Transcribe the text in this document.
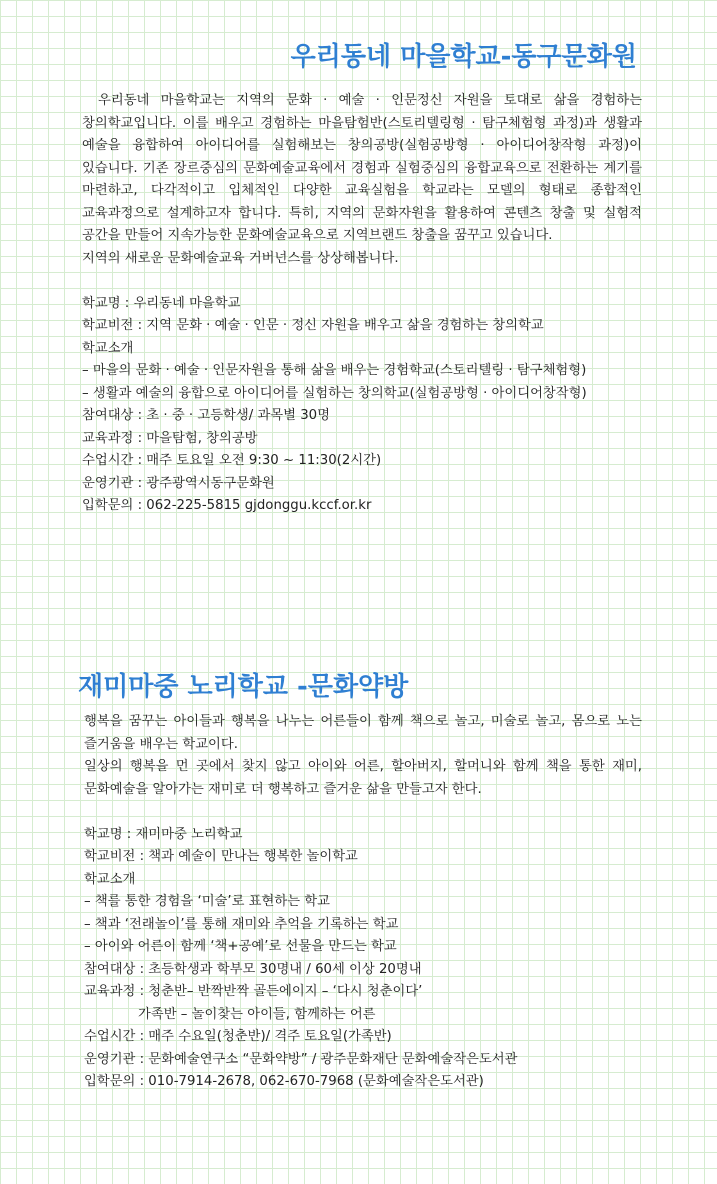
우리동네 마을학교-동구문화원

우리동네 마을학교는 지역의 문화 · 예술 · 인문정신 자원을 토대로 삶을 경험하는 창의학교입니다. 이를 배우고 경험하는 마을탐험반(스토리텔링형 · 탐구체험형 과정)과 생활과 예술을 융합하여 아이디어를 실험해보는 창의공방(실험공방형 · 아이디어창작형 과정)이 있습니다. 기존 장르중심의 문화예술교육에서 경험과 실험중심의 융합교육으로 전환하는 계기를 마련하고, 다각적이고 입체적인 다양한 교육실험을 학교라는 모델의 형태로 종합적인 교육과정으로 설계하고자 합니다. 특히, 지역의 문화자원을 활용하여 콘텐츠 창출 및 실험적 공간을 만들어 지속가능한 문화예술교육으로 지역브랜드 창출을 꿈꾸고 있습니다.

지역의 새로운 문화예술교육 거버넌스를 상상해봅니다.

학교명 : 우리동네 마을학교

학교비전 : 지역 문화 · 예술 · 인문 · 정신 자원을 배우고 삶을 경험하는 창의학교

학교소개

– 마을의 문화 · 예술 · 인문자원을 통해 삶을 배우는 경험학교(스토리텔링 · 탐구체험형)

– 생활과 예술의 융합으로 아이디어를 실험하는 창의학교(실험공방형 · 아이디어창작형)

참여대상 : 초 · 중 · 고등학생/ 과목별 30명

교육과정 : 마을탐험, 창의공방

수업시간 : 매주 토요일 오전 9:30 ~ 11:30(2시간)

운영기관 : 광주광역시동구문화원

입학문의 : 062-225-5815 gjdonggu.kccf.or.kr

재미마중 노리학교 -문화약방

행복을 꿈꾸는 아이들과 행복을 나누는 어른들이 함께 책으로 놀고, 미술로 놀고, 몸으로 노는 즐거움을 배우는 학교이다.

일상의 행복을 먼 곳에서 찾지 않고 아이와 어른, 할아버지, 할머니와 함께 책을 통한 재미, 문화예술을 알아가는 재미로 더 행복하고 즐거운 삶을 만들고자 한다.

학교명 : 재미마중 노리학교

학교비전 : 책과 예술이 만나는 행복한 놀이학교

학교소개

– 책를 통한 경험을 ‘미술’로 표현하는 학교

– 책과 ‘전래놀이’를 통해 재미와 추억을 기록하는 학교

– 아이와 어른이 함께 ‘책+공예’로 선물을 만드는 학교

참여대상 : 초등학생과 학부모 30명내 / 60세 이상 20명내

교육과정 : 청춘반– 반짝반짝 골든에이지 – ‘다시 청춘이다’

가족반 – 놀이찾는 아이들, 함께하는 어른

수업시간 : 매주 수요일(청춘반)/ 격주 토요일(가족반)

운영기관 : 문화예술연구소 “문화약방” / 광주문화재단 문화예술작은도서관

입학문의 : 010-7914-2678, 062-670-7968 (문화예술작은도서관)
